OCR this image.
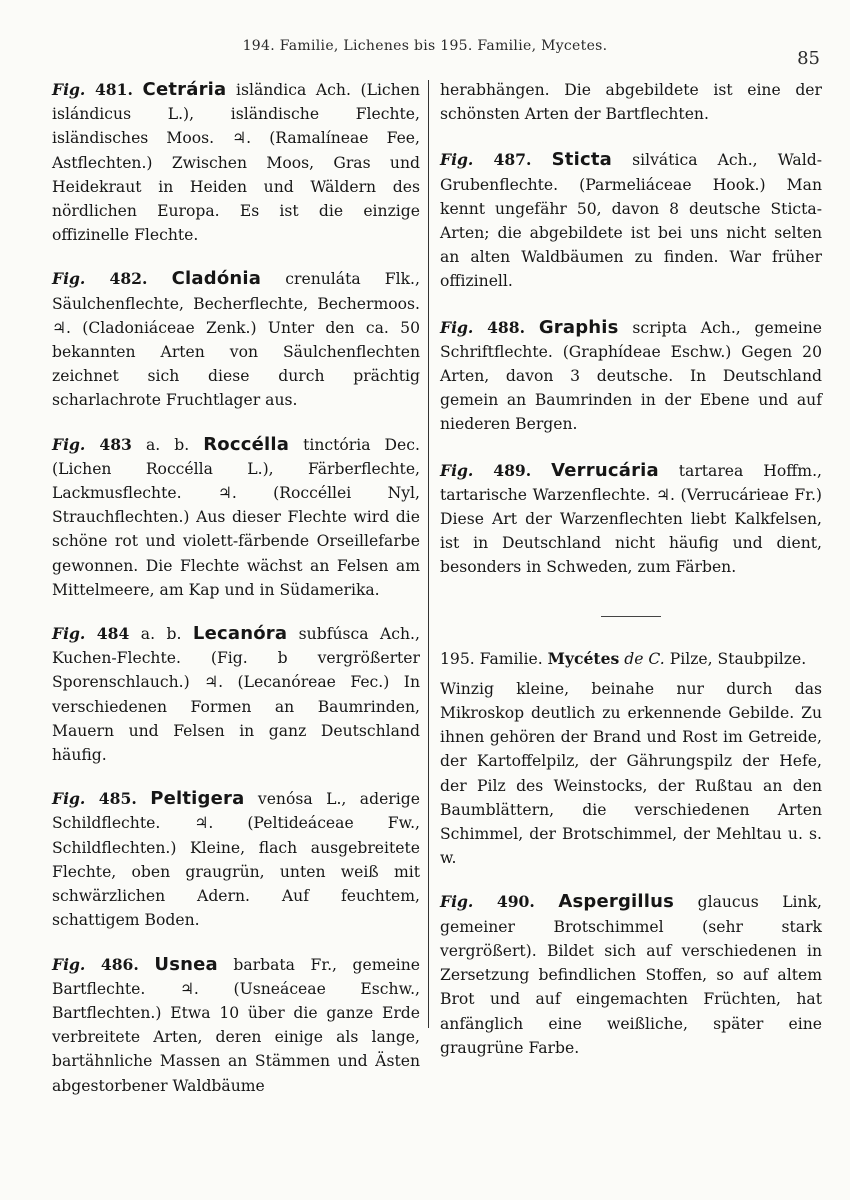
194. Familie, Lichenes bis 195. Familie, Mycetes.
85

Fig. 481. Cetrária isländica Ach. (Lichen islándicus L.), isländische Flechte, isländisches Moos. ♃. (Ramalíneae Fee, Astflechten.) Zwischen Moos, Gras und Heidekraut in Heiden und Wäldern des nördlichen Europa. Es ist die einzige offizinelle Flechte.

Fig. 482. Cladónia crenuláta Flk., Säulchenflechte, Becherflechte, Bechermoos. ♃. (Cladoniáceae Zenk.) Unter den ca. 50 bekannten Arten von Säulchenflechten zeichnet sich diese durch prächtig scharlachrote Fruchtlager aus.

Fig. 483 a. b. Roccélla tinctória Dec. (Lichen Roccélla L.), Färberflechte, Lackmusflechte. ♃. (Roccéllei Nyl, Strauchflechten.) Aus dieser Flechte wird die schöne rot und violett-färbende Orseillefarbe gewonnen. Die Flechte wächst an Felsen am Mittelmeere, am Kap und in Südamerika.

Fig. 484 a. b. Lecanóra subfúsca Ach., Kuchen-Flechte. (Fig. b vergrößerter Sporenschlauch.) ♃. (Lecanóreae Fec.) In verschiedenen Formen an Baumrinden, Mauern und Felsen in ganz Deutschland häufig.

Fig. 485. Peltigera venósa L., aderige Schildflechte. ♃. (Peltideáceae Fw., Schildflechten.) Kleine, flach ausgebreitete Flechte, oben graugrün, unten weiß mit schwärzlichen Adern. Auf feuchtem, schattigem Boden.

Fig. 486. Usnea barbata Fr., gemeine Bartflechte. ♃. (Usneáceae Eschw., Bartflechten.) Etwa 10 über die ganze Erde verbreitete Arten, deren einige als lange, bartähnliche Massen an Stämmen und Ästen abgestorbener Waldbäume

herabhängen. Die abgebildete ist eine der schönsten Arten der Bartflechten.

Fig. 487. Sticta silvática Ach., Wald-Grubenflechte. (Parmeliáceae Hook.) Man kennt ungefähr 50, davon 8 deutsche Sticta-Arten; die abgebildete ist bei uns nicht selten an alten Waldbäumen zu finden. War früher offizinell.

Fig. 488. Graphis scripta Ach., gemeine Schriftflechte. (Graphídeae Eschw.) Gegen 20 Arten, davon 3 deutsche. In Deutschland gemein an Baumrinden in der Ebene und auf niederen Bergen.

Fig. 489. Verrucária tartarea Hoffm., tartarische Warzenflechte. ♃. (Verrucárieae Fr.) Diese Art der Warzenflechten liebt Kalkfelsen, ist in Deutschland nicht häufig und dient, besonders in Schweden, zum Färben.

195. Familie. Mycétes de C. Pilze, Staubpilze.

Winzig kleine, beinahe nur durch das Mikroskop deutlich zu erkennende Gebilde. Zu ihnen gehören der Brand und Rost im Getreide, der Kartoffelpilz, der Gährungspilz der Hefe, der Pilz des Weinstocks, der Rußtau an den Baumblättern, die verschiedenen Arten Schimmel, der Brotschimmel, der Mehltau u. s. w.

Fig. 490. Aspergillus glaucus Link, gemeiner Brotschimmel (sehr stark vergrößert). Bildet sich auf verschiedenen in Zersetzung befindlichen Stoffen, so auf altem Brot und auf eingemachten Früchten, hat anfänglich eine weißliche, später eine graugrüne Farbe.
